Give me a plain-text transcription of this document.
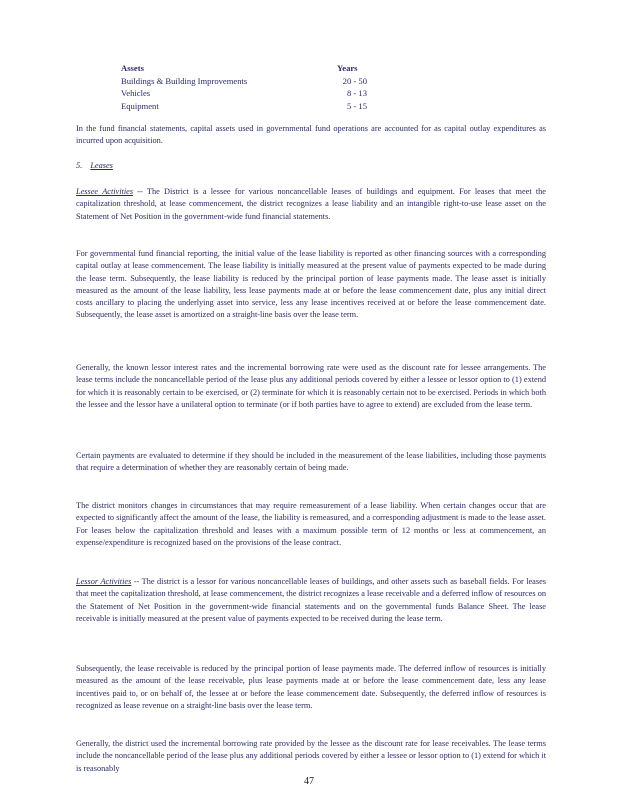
Assets	Years
Buildings & Building Improvements	20 - 50
Vehicles	8 - 13
Equipment	5 - 15

In the fund financial statements, capital assets used in governmental fund operations are accounted for as capital outlay expenditures as incurred upon acquisition.

5. Leases

Lessee Activities -- The District is a lessee for various noncancellable leases of buildings and equipment. For leases that meet the capitalization threshold, at lease commencement, the district recognizes a lease liability and an intangible right-to-use lease asset on the Statement of Net Position in the government-wide fund financial statements.

For governmental fund financial reporting, the initial value of the lease liability is reported as other financing sources with a corresponding capital outlay at lease commencement. The lease liability is initially measured at the present value of payments expected to be made during the lease term. Subsequently, the lease liability is reduced by the principal portion of lease payments made. The lease asset is initially measured as the amount of the lease liability, less lease payments made at or before the lease commencement date, plus any initial direct costs ancillary to placing the underlying asset into service, less any lease incentives received at or before the lease commencement date. Subsequently, the lease asset is amortized on a straight-line basis over the lease term.

Generally, the known lessor interest rates and the incremental borrowing rate were used as the discount rate for lessee arrangements. The lease terms include the noncancellable period of the lease plus any additional periods covered by either a lessee or lessor option to (1) extend for which it is reasonably certain to be exercised, or (2) terminate for which it is reasonably certain not to be exercised. Periods in which both the lessee and the lessor have a unilateral option to terminate (or if both parties have to agree to extend) are excluded from the lease term.

Certain payments are evaluated to determine if they should be included in the measurement of the lease liabilities, including those payments that require a determination of whether they are reasonably certain of being made.

The district monitors changes in circumstances that may require remeasurement of a lease liability. When certain changes occur that are expected to significantly affect the amount of the lease, the liability is remeasured, and a corresponding adjustment is made to the lease asset. For leases below the capitalization threshold and leases with a maximum possible term of 12 months or less at commencement, an expense/expenditure is recognized based on the provisions of the lease contract.

Lessor Activities -- The district is a lessor for various noncancellable leases of buildings, and other assets such as baseball fields. For leases that meet the capitalization threshold, at lease commencement, the district recognizes a lease receivable and a deferred inflow of resources on the Statement of Net Position in the government-wide financial statements and on the governmental funds Balance Sheet. The lease receivable is initially measured at the present value of payments expected to be received during the lease term.

Subsequently, the lease receivable is reduced by the principal portion of lease payments made. The deferred inflow of resources is initially measured as the amount of the lease receivable, plus lease payments made at or before the lease commencement date, less any lease incentives paid to, or on behalf of, the lessee at or before the lease commencement date. Subsequently, the deferred inflow of resources is recognized as lease revenue on a straight-line basis over the lease term.

Generally, the district used the incremental borrowing rate provided by the lessee as the discount rate for lease receivables. The lease terms include the noncancellable period of the lease plus any additional periods covered by either a lessee or lessor option to (1) extend for which it is reasonably

47
